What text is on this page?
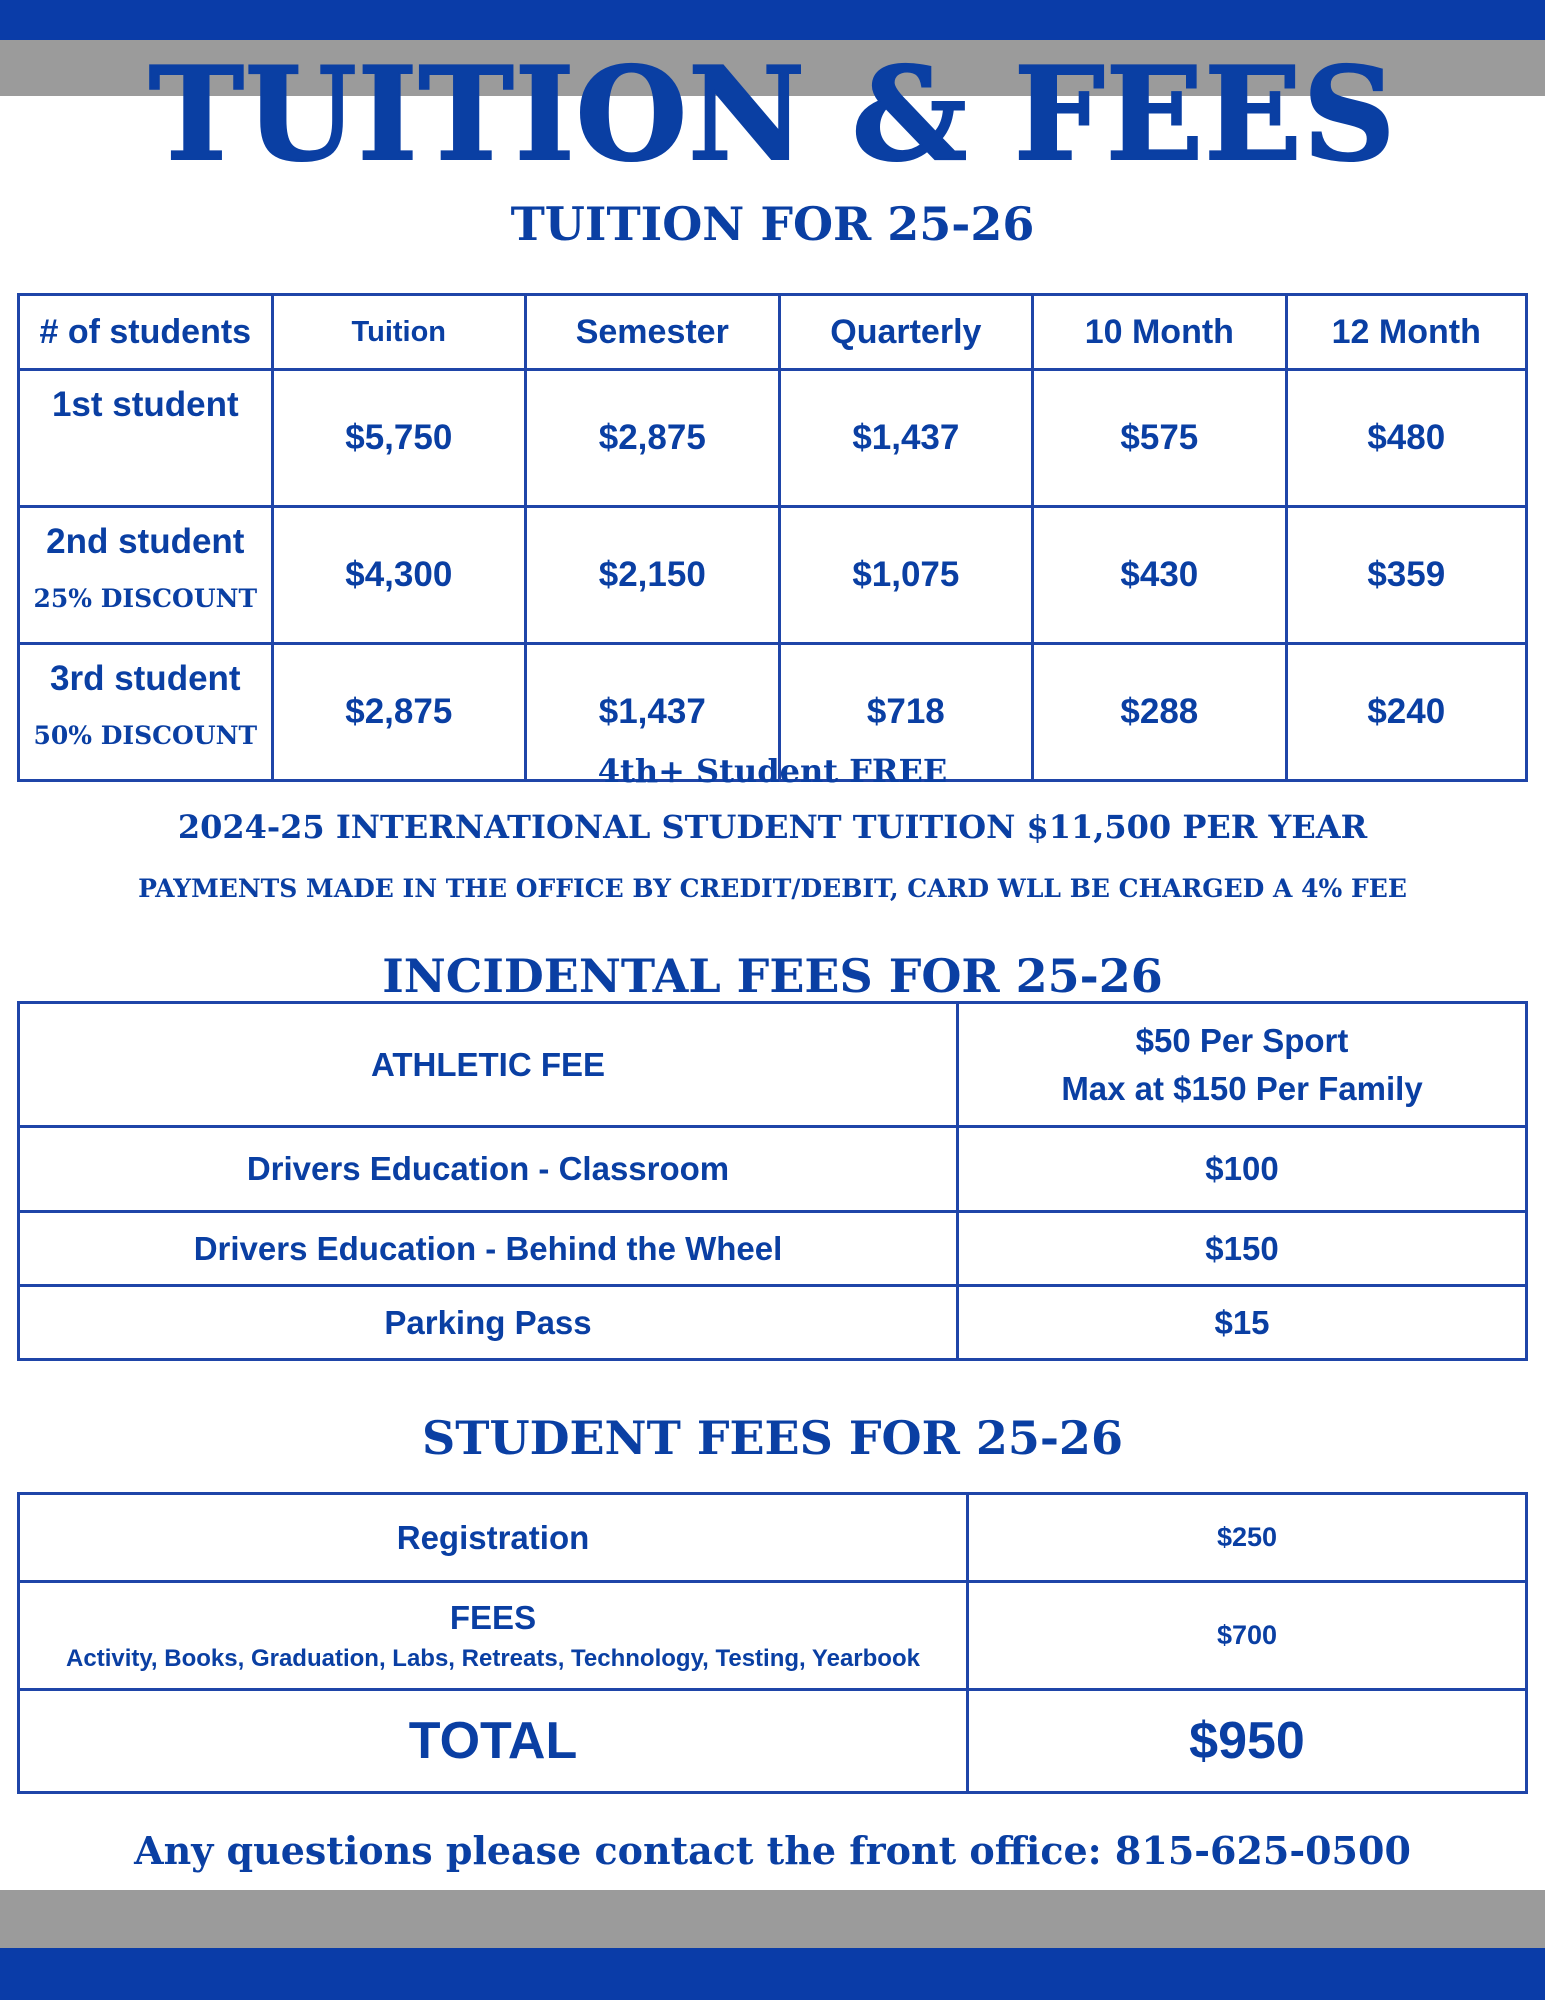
TUITION & FEES
TUITION FOR 25-26
# of students	Tuition	Semester	Quarterly	10 Month	12 Month
1st student	$5,750	$2,875	$1,437	$575	$480
2nd student
25% DISCOUNT	$4,300	$2,150	$1,075	$430	$359
3rd student
50% DISCOUNT	$2,875	$1,437	$718	$288	$240
4th+ Student FREE
2024-25 INTERNATIONAL STUDENT TUITION $11,500 PER YEAR
PAYMENTS MADE IN THE OFFICE BY CREDIT/DEBIT, CARD WLL BE CHARGED A 4% FEE
INCIDENTAL FEES FOR 25-26
ATHLETIC FEE	$50 Per Sport
Max at $150 Per Family
Drivers Education - Classroom	$100
Drivers Education - Behind the Wheel	$150
Parking Pass	$15
STUDENT FEES FOR 25-26
Registration	$250
FEES
Activity, Books, Graduation, Labs, Retreats, Technology, Testing, Yearbook	$700
TOTAL	$950
Any questions please contact the front office: 815-625-0500
